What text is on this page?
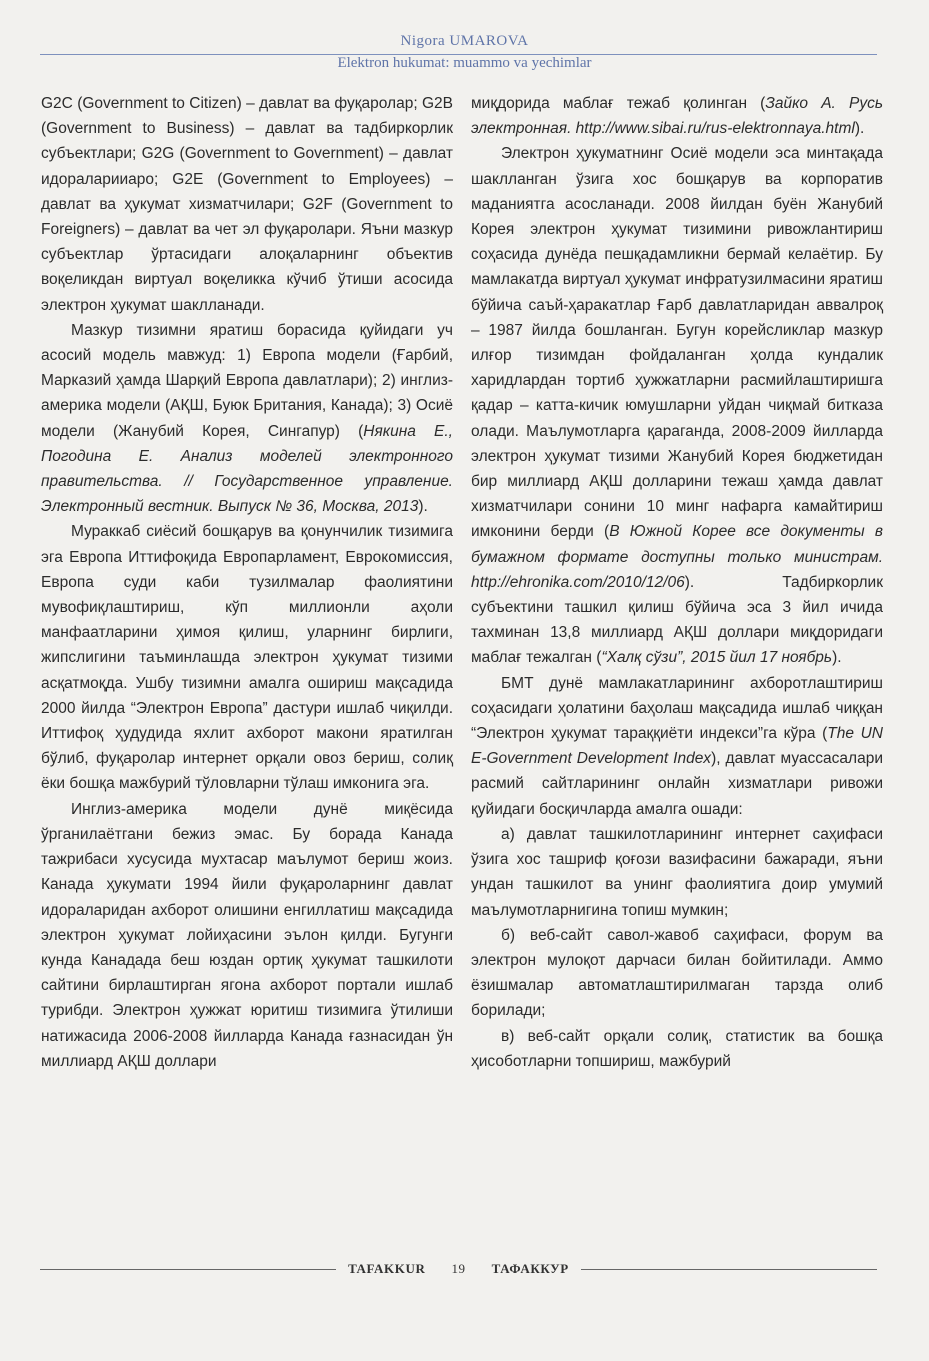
Nigora UMAROVA
Elektron hukumat: muammo va yechimlar

G2C (Government to Citizen) – давлат ва фуқаролар; G2B (Government to Business) – давлат ва тадбиркорлик субъектлари; G2G (Government to Government) – давлат идораларииаро; G2E (Government to Employees) – давлат ва ҳукумат хизматчилари; G2F (Government to Foreigners) – давлат ва чет эл фуқаролари. Яъни мазкур субъектлар ўртасидаги алоқаларнинг объектив воқеликдан виртуал воқеликка кўчиб ўтиши асосида электрон ҳукумат шаклланади.

Мазкур тизимни яратиш борасида қуйидаги уч асосий модель мавжуд: 1) Европа модели (Ғарбий, Марказий ҳамда Шарқий Европа давлатлари); 2) инглиз-америка модели (АҚШ, Буюк Британия, Канада); 3) Осиё модели (Жанубий Корея, Сингапур) (Някина Е., Погодина Е. Анализ моделей электронного правительства. // Государственное управление. Электронный вестник. Выпуск № 36, Москва, 2013).

Мураккаб сиёсий бошқарув ва қонунчилик тизимига эга Европа Иттифоқида Европарламент, Еврокомиссия, Европа суди каби тузилмалар фаолиятини мувофиқлаштириш, кўп миллионли аҳоли манфаатларини ҳимоя қилиш, уларнинг бирлиги, жипслигини таъминлашда электрон ҳукумат тизими асқатмоқда. Ушбу тизимни амалга ошириш мақсадида 2000 йилда “Электрон Европа” дастури ишлаб чиқилди. Иттифоқ ҳудудида яхлит ахборот макони яратилган бўлиб, фуқаролар интернет орқали овоз бериш, солиқ ёки бошқа мажбурий тўловларни тўлаш имконига эга.

Инглиз-америка модели дунё миқёсида ўрганилаётгани бежиз эмас. Бу борада Канада тажрибаси хусусида мухтасар маълумот бериш жоиз. Канада ҳукумати 1994 йили фуқароларнинг давлат идораларидан ахборот олишини енгиллатиш мақсадида электрон ҳукумат лойиҳасини эълон қилди. Бугунги кунда Канадада беш юздан ортиқ ҳукумат ташкилоти сайтини бирлаштирган ягона ахборот портали ишлаб турибди. Электрон ҳужжат юритиш тизимига ўтилиши натижасида 2006-2008 йилларда Канада ғазнасидан ўн миллиард АҚШ доллари

миқдорида маблағ тежаб қолинган (Зайко А. Русь электронная. http://www.sibai.ru/rus-elektronnaya.html).

Электрон ҳукуматнинг Осиё модели эса минтақада шаклланган ўзига хос бошқарув ва корпоратив маданиятга асосланади. 2008 йилдан буён Жанубий Корея электрон ҳукумат тизимини ривожлантириш соҳасида дунёда пешқадамликни бермай келаётир. Бу мамлакатда виртуал ҳукумат инфратузилмасини яратиш бўйича саъй-ҳаракатлар Ғарб давлатларидан аввалроқ – 1987 йилда бошланган. Бугун корейсликлар мазкур илғор тизимдан фойдаланган ҳолда кундалик харидлардан тортиб ҳужжатларни расмийлаштиришга қадар – катта-кичик юмушларни уйдан чиқмай битказа олади. Маълумотларга қараганда, 2008-2009 йилларда электрон ҳукумат тизими Жанубий Корея бюджетидан бир миллиард АҚШ долларини тежаш ҳамда давлат хизматчилари сонини 10 минг нафарга камайтириш имконини берди (В Южной Корее все документы в бумажном формате доступны только министрам. http://ehronika.com/2010/12/06). Тадбиркорлик субъектини ташкил қилиш бўйича эса 3 йил ичида тахминан 13,8 миллиард АҚШ доллари миқдоридаги маблағ тежалган (“Халқ сўзи”, 2015 йил 17 ноябрь).

БМТ дунё мамлакатларининг ахборотлаштириш соҳасидаги ҳолатини баҳолаш мақсадида ишлаб чиққан “Электрон ҳукумат тараққиёти индекси”га кўра (The UN E-Government Development Index), давлат муассасалари расмий сайтларининг онлайн хизматлари ривожи қуйидаги босқичларда амалга ошади:

а) давлат ташкилотларининг интернет саҳифаси ўзига хос ташриф қоғози вазифасини бажаради, яъни ундан ташкилот ва унинг фаолиятига доир умумий маълумотларнигина топиш мумкин;

б) веб-сайт савол-жавоб саҳифаси, форум ва электрон мулоқот дарчаси билан бойитилади. Аммо ёзишмалар автоматлаштирилмаган тарзда олиб борилади;

в) веб-сайт орқали солиқ, статистик ва бошқа ҳисоботларни топшириш, мажбурий

TAFAKKUR	19	ТАФАККУР
